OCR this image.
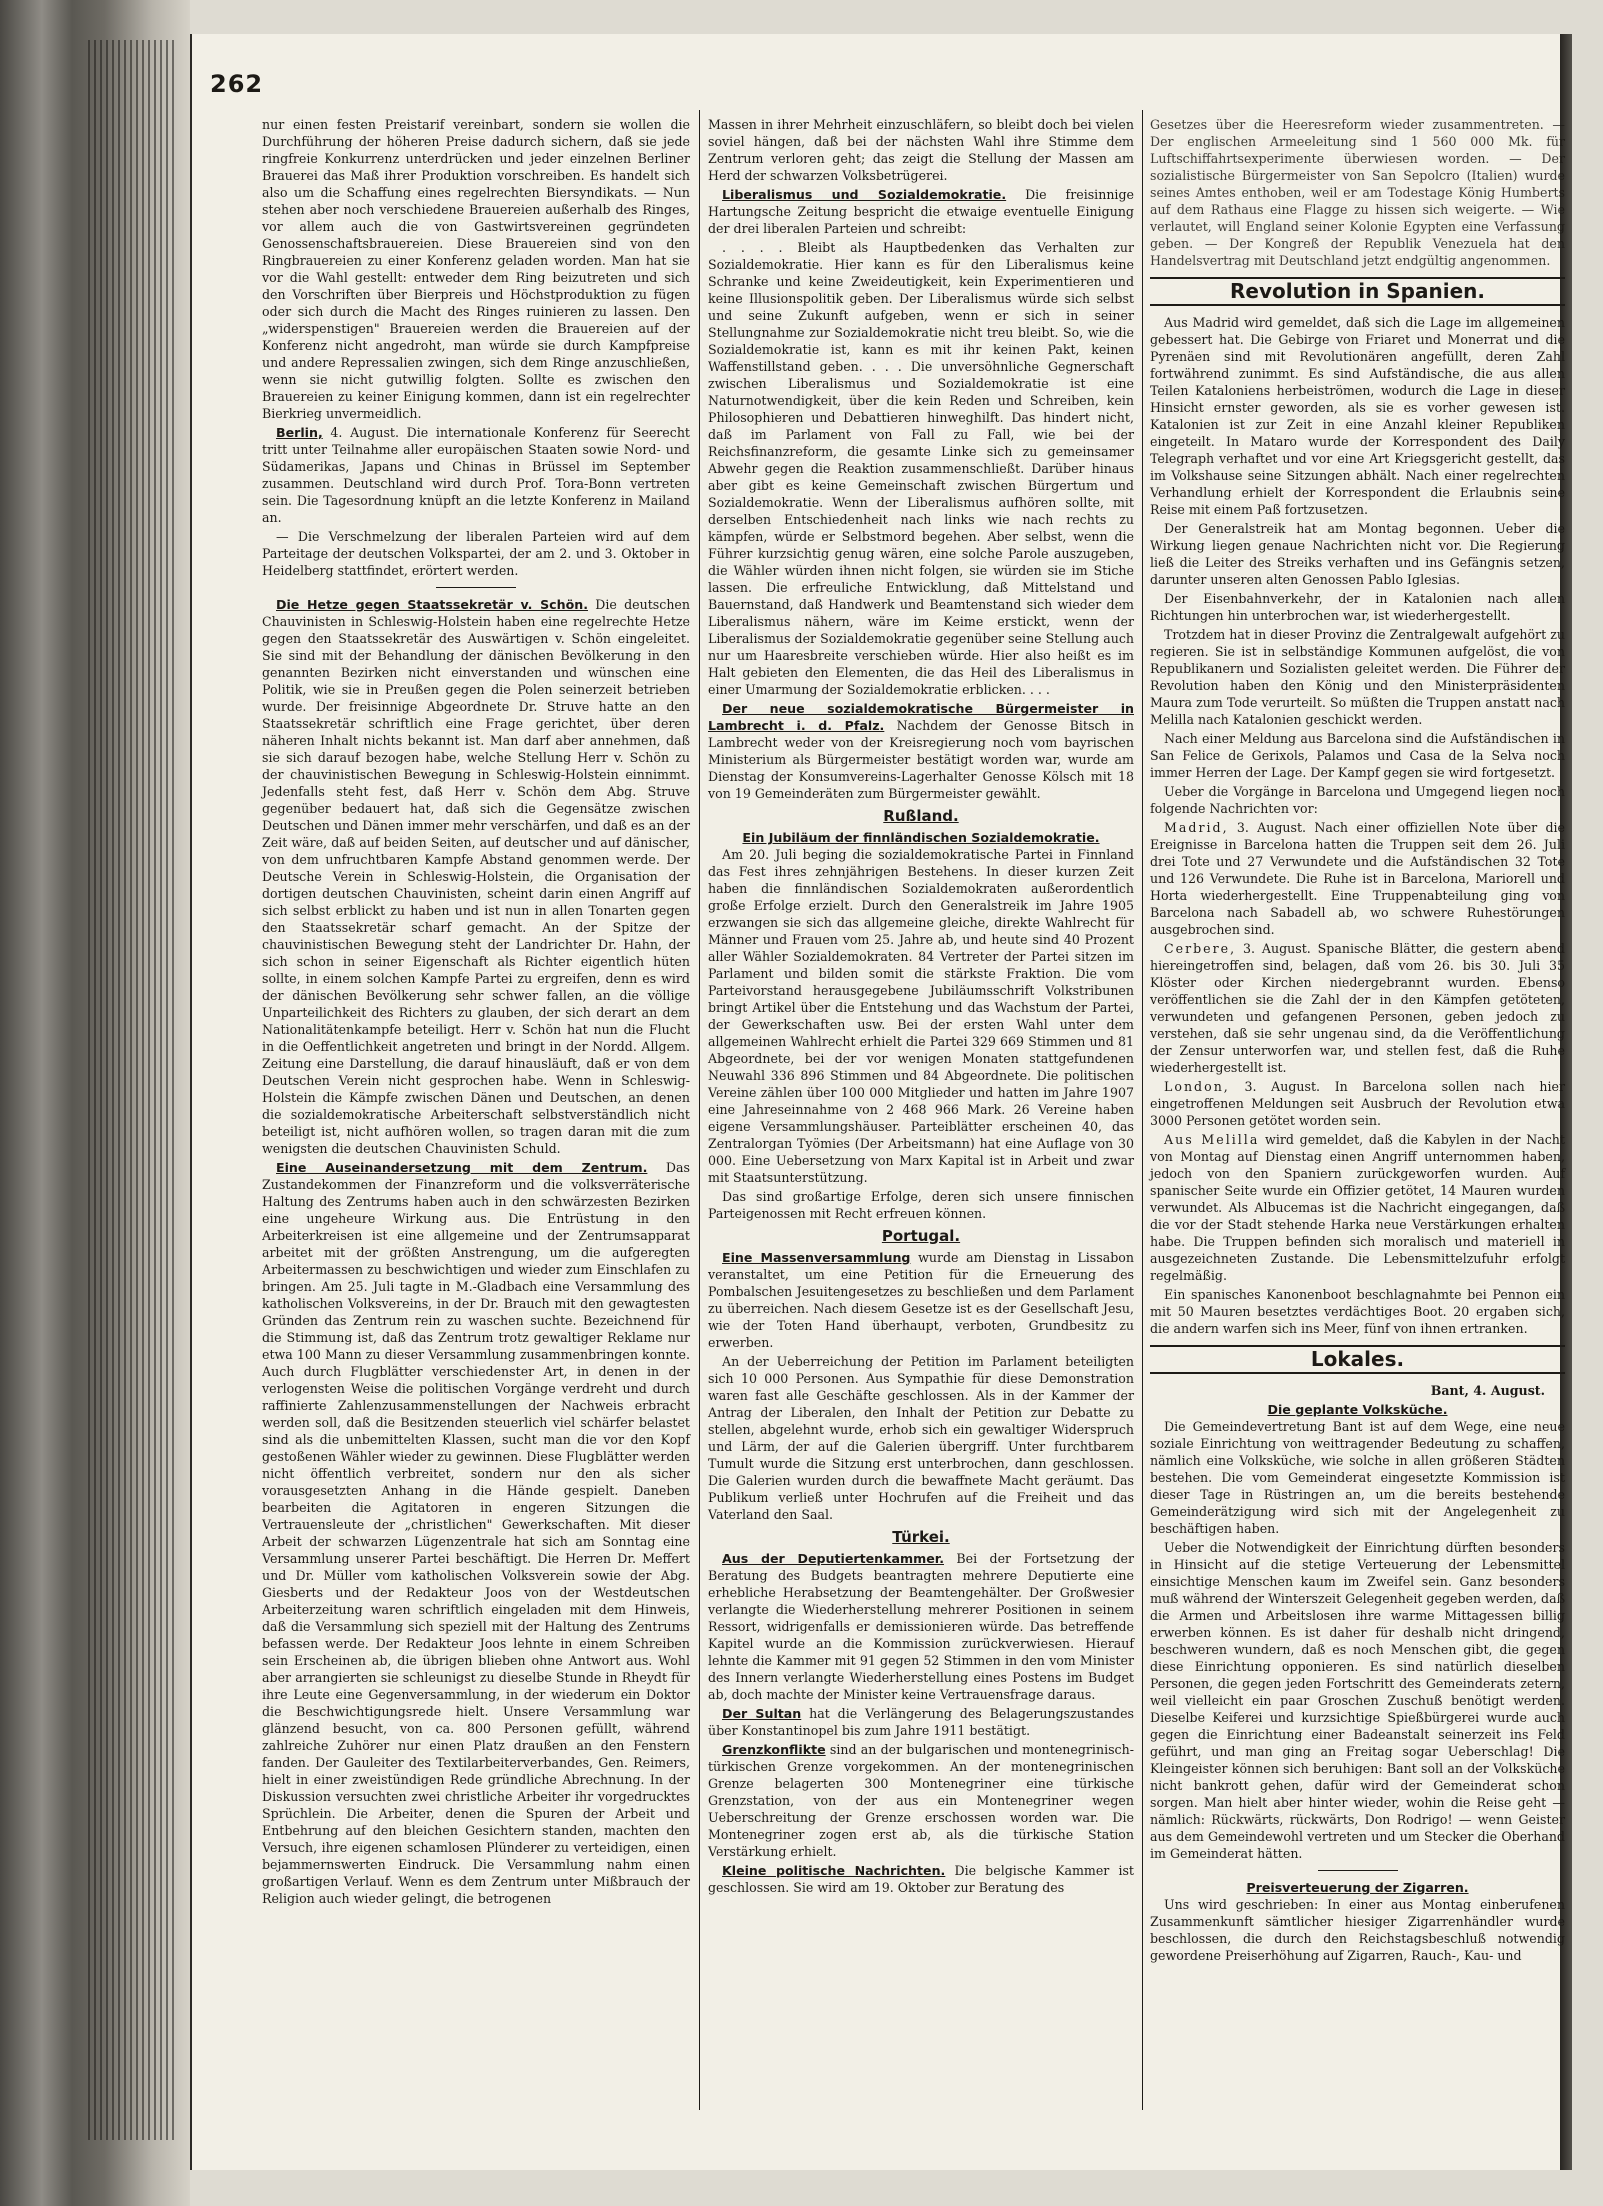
262

nur einen festen Preistarif vereinbart, sondern sie wollen die Durchführung der höheren Preise dadurch sichern, daß sie jede ringfreie Konkurrenz unterdrücken und jeder einzelnen Berliner Brauerei das Maß ihrer Produktion vorschreiben. Es handelt sich also um die Schaffung eines regelrechten Biersyndikats. — Nun stehen aber noch verschiedene Brauereien außerhalb des Ringes, vor allem auch die von Gastwirtsvereinen gegründeten Genossenschaftsbrauereien. Diese Brauereien sind von den Ringbrauereien zu einer Konferenz geladen worden. Man hat sie vor die Wahl gestellt: entweder dem Ring beizutreten und sich den Vorschriften über Bierpreis und Höchstproduktion zu fügen oder sich durch die Macht des Ringes ruinieren zu lassen. Den „widerspenstigen" Brauereien werden die Brauereien auf der Konferenz nicht angedroht, man würde sie durch Kampfpreise und andere Repressalien zwingen, sich dem Ringe anzuschließen, wenn sie nicht gutwillig folgten. Sollte es zwischen den Brauereien zu keiner Einigung kommen, dann ist ein regelrechter Bierkrieg unvermeidlich.

Berlin, 4. August. Die internationale Konferenz für Seerecht tritt unter Teilnahme aller europäischen Staaten sowie Nord- und Südamerikas, Japans und Chinas in Brüssel im September zusammen. Deutschland wird durch Prof. Tora-Bonn vertreten sein. Die Tagesordnung knüpft an die letzte Konferenz in Mailand an.

— Die Verschmelzung der liberalen Parteien wird auf dem Parteitage der deutschen Volkspartei, der am 2. und 3. Oktober in Heidelberg stattfindet, erörtert werden.

Die Hetze gegen Staatssekretär v. Schön. Die deutschen Chauvinisten in Schleswig-Holstein haben eine regelrechte Hetze gegen den Staatssekretär des Auswärtigen v. Schön eingeleitet. Sie sind mit der Behandlung der dänischen Bevölkerung in den genannten Bezirken nicht einverstanden und wünschen eine Politik, wie sie in Preußen gegen die Polen seinerzeit betrieben wurde. Der freisinnige Abgeordnete Dr. Struve hatte an den Staatssekretär schriftlich eine Frage gerichtet, über deren näheren Inhalt nichts bekannt ist. Man darf aber annehmen, daß sie sich darauf bezogen habe, welche Stellung Herr v. Schön zu der chauvinistischen Bewegung in Schleswig-Holstein einnimmt. Jedenfalls steht fest, daß Herr v. Schön dem Abg. Struve gegenüber bedauert hat, daß sich die Gegensätze zwischen Deutschen und Dänen immer mehr verschärfen, und daß es an der Zeit wäre, daß auf beiden Seiten, auf deutscher und auf dänischer, von dem unfruchtbaren Kampfe Abstand genommen werde. Der Deutsche Verein in Schleswig-Holstein, die Organisation der dortigen deutschen Chauvinisten, scheint darin einen Angriff auf sich selbst erblickt zu haben und ist nun in allen Tonarten gegen den Staatssekretär scharf gemacht. An der Spitze der chauvinistischen Bewegung steht der Landrichter Dr. Hahn, der sich schon in seiner Eigenschaft als Richter eigentlich hüten sollte, in einem solchen Kampfe Partei zu ergreifen, denn es wird der dänischen Bevölkerung sehr schwer fallen, an die völlige Unparteilichkeit des Richters zu glauben, der sich derart an dem Nationalitätenkampfe beteiligt. Herr v. Schön hat nun die Flucht in die Oeffentlichkeit angetreten und bringt in der Nordd. Allgem. Zeitung eine Darstellung, die darauf hinausläuft, daß er von dem Deutschen Verein nicht gesprochen habe. Wenn in Schleswig-Holstein die Kämpfe zwischen Dänen und Deutschen, an denen die sozialdemokratische Arbeiterschaft selbstverständlich nicht beteiligt ist, nicht aufhören wollen, so tragen daran mit die zum wenigsten die deutschen Chauvinisten Schuld.

Eine Auseinandersetzung mit dem Zentrum. Das Zustandekommen der Finanzreform und die volksverräterische Haltung des Zentrums haben auch in den schwärzesten Bezirken eine ungeheure Wirkung aus. Die Entrüstung in den Arbeiterkreisen ist eine allgemeine und der Zentrumsapparat arbeitet mit der größten Anstrengung, um die aufgeregten Arbeitermassen zu beschwichtigen und wieder zum Einschlafen zu bringen. Am 25. Juli tagte in M.-Gladbach eine Versammlung des katholischen Volksvereins, in der Dr. Brauch mit den gewagtesten Gründen das Zentrum rein zu waschen suchte. Bezeichnend für die Stimmung ist, daß das Zentrum trotz gewaltiger Reklame nur etwa 100 Mann zu dieser Versammlung zusammenbringen konnte. Auch durch Flugblätter verschiedenster Art, in denen in der verlogensten Weise die politischen Vorgänge verdreht und durch raffinierte Zahlenzusammenstellungen der Nachweis erbracht werden soll, daß die Besitzenden steuerlich viel schärfer belastet sind als die unbemittelten Klassen, sucht man die vor den Kopf gestoßenen Wähler wieder zu gewinnen. Diese Flugblätter werden nicht öffentlich verbreitet, sondern nur den als sicher vorausgesetzten Anhang in die Hände gespielt. Daneben bearbeiten die Agitatoren in engeren Sitzungen die Vertrauensleute der „christlichen" Gewerkschaften. Mit dieser Arbeit der schwarzen Lügenzentrale hat sich am Sonntag eine Versammlung unserer Partei beschäftigt. Die Herren Dr. Meffert und Dr. Müller vom katholischen Volksverein sowie der Abg. Giesberts und der Redakteur Joos von der Westdeutschen Arbeiterzeitung waren schriftlich eingeladen mit dem Hinweis, daß die Versammlung sich speziell mit der Haltung des Zentrums befassen werde. Der Redakteur Joos lehnte in einem Schreiben sein Erscheinen ab, die übrigen blieben ohne Antwort aus. Wohl aber arrangierten sie schleunigst zu dieselbe Stunde in Rheydt für ihre Leute eine Gegenversammlung, in der wiederum ein Doktor die Beschwichtigungsrede hielt. Unsere Versammlung war glänzend besucht, von ca. 800 Personen gefüllt, während zahlreiche Zuhörer nur einen Platz draußen an den Fenstern fanden. Der Gauleiter des Textilarbeiterverbandes, Gen. Reimers, hielt in einer zweistündigen Rede gründliche Abrechnung. In der Diskussion versuchten zwei christliche Arbeiter ihr vorgedrucktes Sprüchlein. Die Arbeiter, denen die Spuren der Arbeit und Entbehrung auf den bleichen Gesichtern standen, machten den Versuch, ihre eigenen schamlosen Plünderer zu verteidigen, einen bejammernswerten Eindruck. Die Versammlung nahm einen großartigen Verlauf. Wenn es dem Zentrum unter Mißbrauch der Religion auch wieder gelingt, die betrogenen

Massen in ihrer Mehrheit einzuschläfern, so bleibt doch bei vielen soviel hängen, daß bei der nächsten Wahl ihre Stimme dem Zentrum verloren geht; das zeigt die Stellung der Massen am Herd der schwarzen Volksbetrügerei.

Liberalismus und Sozialdemokratie. Die freisinnige Hartungsche Zeitung bespricht die etwaige eventuelle Einigung der drei liberalen Parteien und schreibt:

. . . . Bleibt als Hauptbedenken das Verhalten zur Sozialdemokratie. Hier kann es für den Liberalismus keine Schranke und keine Zweideutigkeit, kein Experimentieren und keine Illusionspolitik geben. Der Liberalismus würde sich selbst und seine Zukunft aufgeben, wenn er sich in seiner Stellungnahme zur Sozialdemokratie nicht treu bleibt. So, wie die Sozialdemokratie ist, kann es mit ihr keinen Pakt, keinen Waffenstillstand geben. . . . Die unversöhnliche Gegnerschaft zwischen Liberalismus und Sozialdemokratie ist eine Naturnotwendigkeit, über die kein Reden und Schreiben, kein Philosophieren und Debattieren hinweghilft. Das hindert nicht, daß im Parlament von Fall zu Fall, wie bei der Reichsfinanzreform, die gesamte Linke sich zu gemeinsamer Abwehr gegen die Reaktion zusammenschließt. Darüber hinaus aber gibt es keine Gemeinschaft zwischen Bürgertum und Sozialdemokratie. Wenn der Liberalismus aufhören sollte, mit derselben Entschiedenheit nach links wie nach rechts zu kämpfen, würde er Selbstmord begehen. Aber selbst, wenn die Führer kurzsichtig genug wären, eine solche Parole auszugeben, die Wähler würden ihnen nicht folgen, sie würden sie im Stiche lassen. Die erfreuliche Entwicklung, daß Mittelstand und Bauernstand, daß Handwerk und Beamtenstand sich wieder dem Liberalismus nähern, wäre im Keime erstickt, wenn der Liberalismus der Sozialdemokratie gegenüber seine Stellung auch nur um Haaresbreite verschieben würde. Hier also heißt es im Halt gebieten den Elementen, die das Heil des Liberalismus in einer Umarmung der Sozialdemokratie erblicken. . . .

Der neue sozialdemokratische Bürgermeister in Lambrecht i. d. Pfalz. Nachdem der Genosse Bitsch in Lambrecht weder von der Kreisregierung noch vom bayrischen Ministerium als Bürgermeister bestätigt worden war, wurde am Dienstag der Konsumvereins-Lagerhalter Genosse Kölsch mit 18 von 19 Gemeinderäten zum Bürgermeister gewählt.

Rußland.
Ein Jubiläum der finnländischen Sozialdemokratie.

Am 20. Juli beging die sozialdemokratische Partei in Finnland das Fest ihres zehnjährigen Bestehens. In dieser kurzen Zeit haben die finnländischen Sozialdemokraten außerordentlich große Erfolge erzielt. Durch den Generalstreik im Jahre 1905 erzwangen sie sich das allgemeine gleiche, direkte Wahlrecht für Männer und Frauen vom 25. Jahre ab, und heute sind 40 Prozent aller Wähler Sozialdemokraten. 84 Vertreter der Partei sitzen im Parlament und bilden somit die stärkste Fraktion. Die vom Parteivorstand herausgegebene Jubiläumsschrift Volkstribunen bringt Artikel über die Entstehung und das Wachstum der Partei, der Gewerkschaften usw. Bei der ersten Wahl unter dem allgemeinen Wahlrecht erhielt die Partei 329 669 Stimmen und 81 Abgeordnete, bei der vor wenigen Monaten stattgefundenen Neuwahl 336 896 Stimmen und 84 Abgeordnete. Die politischen Vereine zählen über 100 000 Mitglieder und hatten im Jahre 1907 eine Jahreseinnahme von 2 468 966 Mark. 26 Vereine haben eigene Versammlungshäuser. Parteiblätter erscheinen 40, das Zentralorgan Työmies (Der Arbeitsmann) hat eine Auflage von 30 000. Eine Uebersetzung von Marx Kapital ist in Arbeit und zwar mit Staatsunterstützung.

Das sind großartige Erfolge, deren sich unsere finnischen Parteigenossen mit Recht erfreuen können.

Portugal.

Eine Massenversammlung wurde am Dienstag in Lissabon veranstaltet, um eine Petition für die Erneuerung des Pombalschen Jesuitengesetzes zu beschließen und dem Parlament zu überreichen. Nach diesem Gesetze ist es der Gesellschaft Jesu, wie der Toten Hand überhaupt, verboten, Grundbesitz zu erwerben.

An der Ueberreichung der Petition im Parlament beteiligten sich 10 000 Personen. Aus Sympathie für diese Demonstration waren fast alle Geschäfte geschlossen. Als in der Kammer der Antrag der Liberalen, den Inhalt der Petition zur Debatte zu stellen, abgelehnt wurde, erhob sich ein gewaltiger Widerspruch und Lärm, der auf die Galerien übergriff. Unter furchtbarem Tumult wurde die Sitzung erst unterbrochen, dann geschlossen. Die Galerien wurden durch die bewaffnete Macht geräumt. Das Publikum verließ unter Hochrufen auf die Freiheit und das Vaterland den Saal.

Türkei.

Aus der Deputiertenkammer. Bei der Fortsetzung der Beratung des Budgets beantragten mehrere Deputierte eine erhebliche Herabsetzung der Beamtengehälter. Der Großwesier verlangte die Wiederherstellung mehrerer Positionen in seinem Ressort, widrigenfalls er demissionieren würde. Das betreffende Kapitel wurde an die Kommission zurückverwiesen. Hierauf lehnte die Kammer mit 91 gegen 52 Stimmen in den vom Minister des Innern verlangte Wiederherstellung eines Postens im Budget ab, doch machte der Minister keine Vertrauensfrage daraus.

Der Sultan hat die Verlängerung des Belagerungszustandes über Konstantinopel bis zum Jahre 1911 bestätigt.

Grenzkonflikte sind an der bulgarischen und montenegrinisch-türkischen Grenze vorgekommen. An der montenegrinischen Grenze belagerten 300 Montenegriner eine türkische Grenzstation, von der aus ein Montenegriner wegen Ueberschreitung der Grenze erschossen worden war. Die Montenegriner zogen erst ab, als die türkische Station Verstärkung erhielt.

Kleine politische Nachrichten. Die belgische Kammer ist geschlossen. Sie wird am 19. Oktober zur Beratung des

Gesetzes über die Heeresreform wieder zusammentreten. — Der englischen Armeeleitung sind 1 560 000 Mk. für Luftschiffahrtsexperimente überwiesen worden. — Der sozialistische Bürgermeister von San Sepolcro (Italien) wurde seines Amtes enthoben, weil er am Todestage König Humberts auf dem Rathaus eine Flagge zu hissen sich weigerte. — Wie verlautet, will England seiner Kolonie Egypten eine Verfassung geben. — Der Kongreß der Republik Venezuela hat den Handelsvertrag mit Deutschland jetzt endgültig angenommen.

Revolution in Spanien.

Aus Madrid wird gemeldet, daß sich die Lage im allgemeinen gebessert hat. Die Gebirge von Friaret und Monerrat und die Pyrenäen sind mit Revolutionären angefüllt, deren Zahl fortwährend zunimmt. Es sind Aufständische, die aus allen Teilen Kataloniens herbeiströmen, wodurch die Lage in dieser Hinsicht ernster geworden, als sie es vorher gewesen ist. Katalonien ist zur Zeit in eine Anzahl kleiner Republiken eingeteilt. In Mataro wurde der Korrespondent des Daily Telegraph verhaftet und vor eine Art Kriegsgericht gestellt, das im Volkshause seine Sitzungen abhält. Nach einer regelrechten Verhandlung erhielt der Korrespondent die Erlaubnis seine Reise mit einem Paß fortzusetzen.

Der Generalstreik hat am Montag begonnen. Ueber die Wirkung liegen genaue Nachrichten nicht vor. Die Regierung ließ die Leiter des Streiks verhaften und ins Gefängnis setzen, darunter unseren alten Genossen Pablo Iglesias.

Der Eisenbahnverkehr, der in Katalonien nach allen Richtungen hin unterbrochen war, ist wiederhergestellt.

Trotzdem hat in dieser Provinz die Zentralgewalt aufgehört zu regieren. Sie ist in selbständige Kommunen aufgelöst, die von Republikanern und Sozialisten geleitet werden. Die Führer der Revolution haben den König und den Ministerpräsidenten Maura zum Tode verurteilt. So müßten die Truppen anstatt nach Melilla nach Katalonien geschickt werden.

Nach einer Meldung aus Barcelona sind die Aufständischen in San Felice de Gerixols, Palamos und Casa de la Selva noch immer Herren der Lage. Der Kampf gegen sie wird fortgesetzt.

Ueber die Vorgänge in Barcelona und Umgegend liegen noch folgende Nachrichten vor:

Madrid, 3. August. Nach einer offiziellen Note über die Ereignisse in Barcelona hatten die Truppen seit dem 26. Juli drei Tote und 27 Verwundete und die Aufständischen 32 Tote und 126 Verwundete. Die Ruhe ist in Barcelona, Mariorell und Horta wiederhergestellt. Eine Truppenabteilung ging von Barcelona nach Sabadell ab, wo schwere Ruhestörungen ausgebrochen sind.

Cerbere, 3. August. Spanische Blätter, die gestern abend hiereingetroffen sind, belagen, daß vom 26. bis 30. Juli 35 Klöster oder Kirchen niedergebrannt wurden. Ebenso veröffentlichen sie die Zahl der in den Kämpfen getöteten, verwundeten und gefangenen Personen, geben jedoch zu verstehen, daß sie sehr ungenau sind, da die Veröffentlichung der Zensur unterworfen war, und stellen fest, daß die Ruhe wiederhergestellt ist.

London, 3. August. In Barcelona sollen nach hier eingetroffenen Meldungen seit Ausbruch der Revolution etwa 3000 Personen getötet worden sein.

Aus Melilla wird gemeldet, daß die Kabylen in der Nacht von Montag auf Dienstag einen Angriff unternommen haben, jedoch von den Spaniern zurückgeworfen wurden. Auf spanischer Seite wurde ein Offizier getötet, 14 Mauren wurden verwundet. Als Albucemas ist die Nachricht eingegangen, daß die vor der Stadt stehende Harka neue Verstärkungen erhalten habe. Die Truppen befinden sich moralisch und materiell in ausgezeichneten Zustande. Die Lebensmittelzufuhr erfolgt regelmäßig.

Ein spanisches Kanonenboot beschlagnahmte bei Pennon ein mit 50 Mauren besetztes verdächtiges Boot. 20 ergaben sich, die andern warfen sich ins Meer, fünf von ihnen ertranken.

Lokales.
Bant, 4. August.
Die geplante Volksküche.

Die Gemeindevertretung Bant ist auf dem Wege, eine neue soziale Einrichtung von weittragender Bedeutung zu schaffen, nämlich eine Volksküche, wie solche in allen größeren Städten bestehen. Die vom Gemeinderat eingesetzte Kommission ist dieser Tage in Rüstringen an, um die bereits bestehende Gemeinderätzigung wird sich mit der Angelegenheit zu beschäftigen haben.

Ueber die Notwendigkeit der Einrichtung dürften besonders in Hinsicht auf die stetige Verteuerung der Lebensmittel einsichtige Menschen kaum im Zweifel sein. Ganz besonders muß während der Winterszeit Gelegenheit gegeben werden, daß die Armen und Arbeitslosen ihre warme Mittagessen billig erwerben können. Es ist daher für deshalb nicht dringend, beschweren wundern, daß es noch Menschen gibt, die gegen diese Einrichtung opponieren. Es sind natürlich dieselben Personen, die gegen jeden Fortschritt des Gemeinderats zetern, weil vielleicht ein paar Groschen Zuschuß benötigt werden. Dieselbe Keiferei und kurzsichtige Spießbürgerei wurde auch gegen die Einrichtung einer Badeanstalt seinerzeit ins Feld geführt, und man ging an Freitag sogar Ueberschlag! Die Kleingeister können sich beruhigen: Bant soll an der Volksküche nicht bankrott gehen, dafür wird der Gemeinderat schon sorgen. Man hielt aber hinter wieder, wohin die Reise geht — nämlich: Rückwärts, rückwärts, Don Rodrigo! — wenn Geister aus dem Gemeindewohl vertreten und um Stecker die Oberhand im Gemeinderat hätten.

Preisverteuerung der Zigarren.

Uns wird geschrieben: In einer aus Montag einberufenen Zusammenkunft sämtlicher hiesiger Zigarrenhändler wurde beschlossen, die durch den Reichstagsbeschluß notwendig gewordene Preiserhöhung auf Zigarren, Rauch-, Kau- und
